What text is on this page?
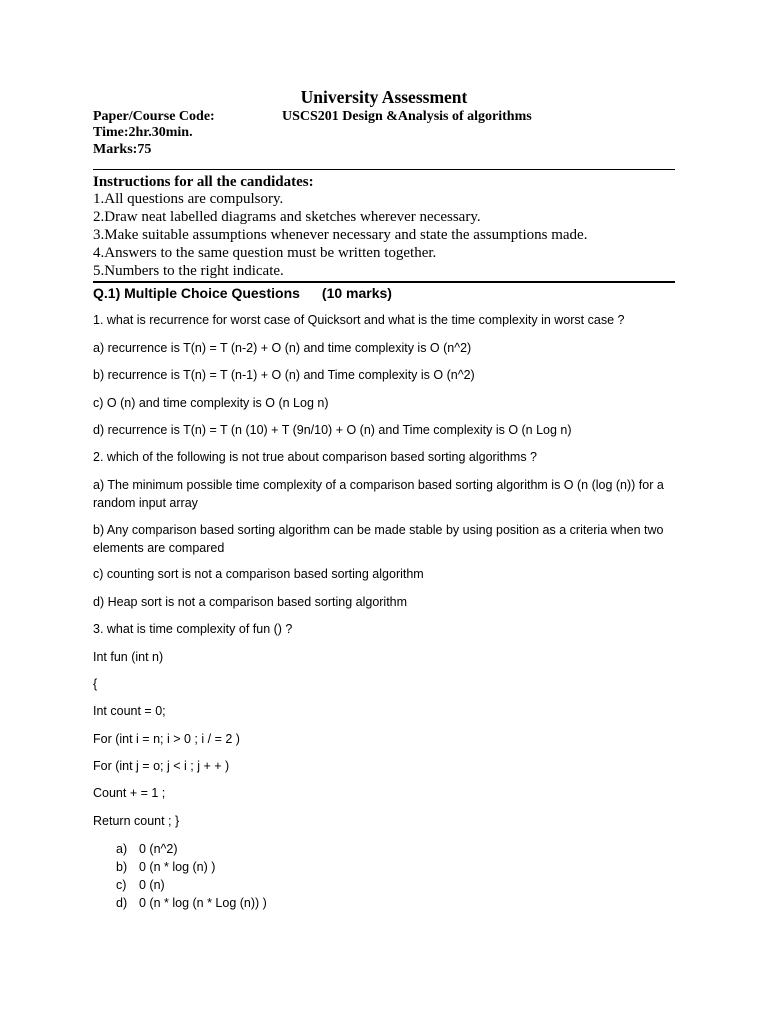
University Assessment
Paper/Course Code:	USCS201 Design &Analysis of algorithms
Time:2hr.30min.
Marks:75
Instructions for all the candidates:
1.All questions are compulsory.
2.Draw neat labelled diagrams and sketches wherever necessary.
3.Make suitable assumptions whenever necessary and state the assumptions made.
4.Answers to the same question must be written together.
5.Numbers to the right indicate.
Q.1) Multiple Choice Questions (10 marks)
1. what is recurrence for worst case of Quicksort and what is the time complexity in worst case ?
a) recurrence is T(n) = T (n-2) + O (n) and time complexity is O (n^2)
b) recurrence is T(n) = T (n-1) + O (n) and Time complexity is O (n^2)
c) O (n) and time complexity is O (n Log n)
d) recurrence is T(n) = T (n (10) + T (9n/10) + O (n) and Time complexity is O (n Log n)
2. which of the following is not true about comparison based sorting algorithms ?
a) The minimum possible time complexity of a comparison based sorting algorithm is O (n (log (n)) for a random input array
b) Any comparison based sorting algorithm can be made stable by using position as a criteria when two elements are compared
c) counting sort is not a comparison based sorting algorithm
d) Heap sort is not a comparison based sorting algorithm
3. what is time complexity of fun () ?
Int fun (int n)
{
Int count = 0;
For (int i = n; i > 0 ; i / = 2 )
For (int j = o; j < i ; j + + )
Count + = 1 ;
Return count ; }
a) 0 (n^2)
b) 0 (n * log (n) )
c) 0 (n)
d) 0 (n * log (n * Log (n)) )
